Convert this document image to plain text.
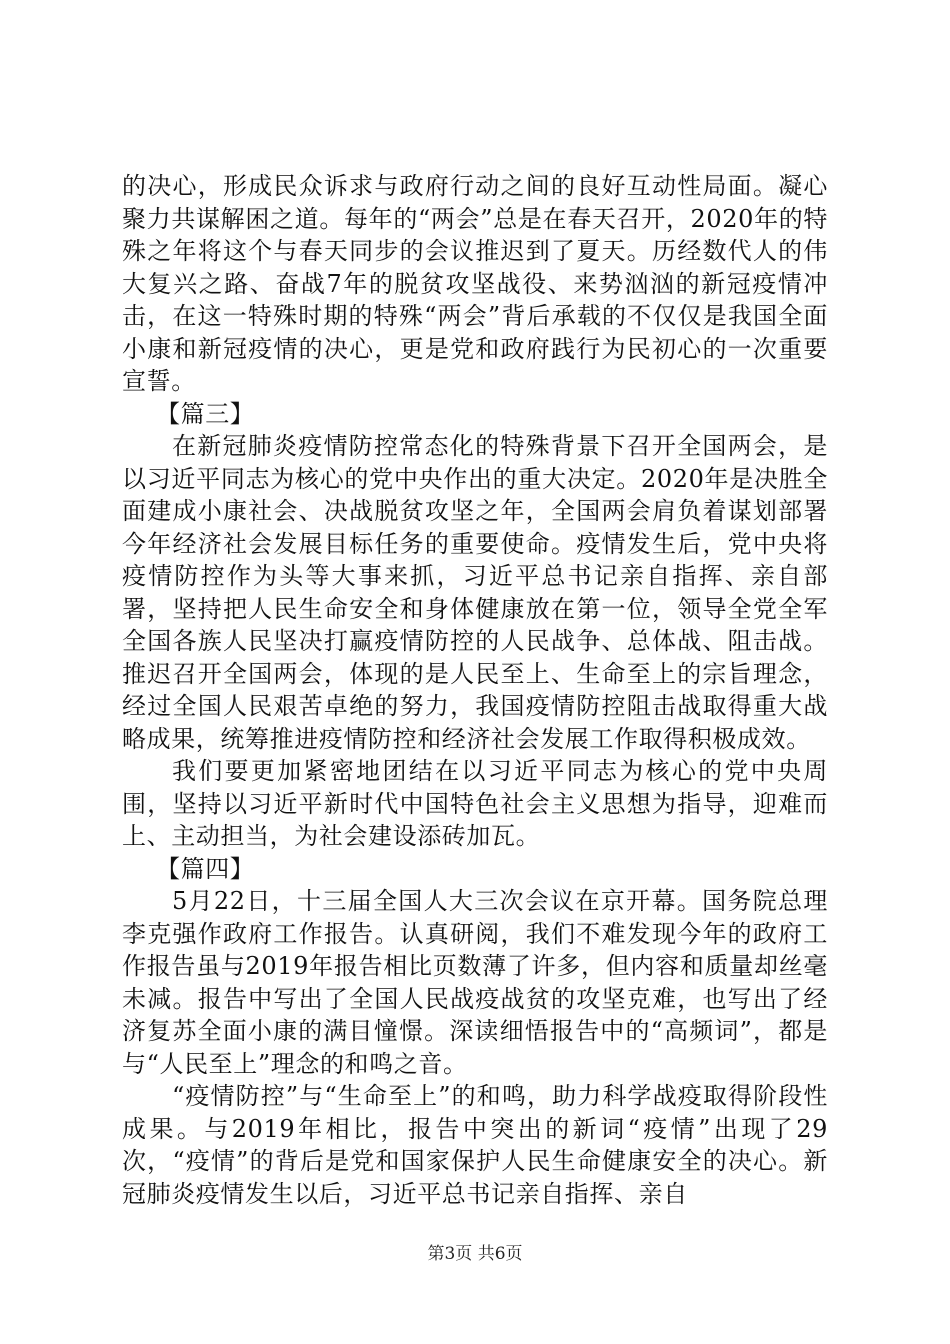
的决心，形成民众诉求与政府行动之间的良好互动性局面。凝心聚力共谋解困之道。每年的“两会”总是在春天召开，2020年的特殊之年将这个与春天同步的会议推迟到了夏天。历经数代人的伟大复兴之路、奋战7年的脱贫攻坚战役、来势汹汹的新冠疫情冲击，在这一特殊时期的特殊“两会”背后承载的不仅仅是我国全面小康和新冠疫情的决心，更是党和政府践行为民初心的一次重要宣誓。

【篇三】

在新冠肺炎疫情防控常态化的特殊背景下召开全国两会，是以习近平同志为核心的党中央作出的重大决定。2020年是决胜全面建成小康社会、决战脱贫攻坚之年，全国两会肩负着谋划部署今年经济社会发展目标任务的重要使命。疫情发生后，党中央将疫情防控作为头等大事来抓，习近平总书记亲自指挥、亲自部署，坚持把人民生命安全和身体健康放在第一位，领导全党全军全国各族人民坚决打赢疫情防控的人民战争、总体战、阻击战。推迟召开全国两会，体现的是人民至上、生命至上的宗旨理念，经过全国人民艰苦卓绝的努力，我国疫情防控阻击战取得重大战略成果，统筹推进疫情防控和经济社会发展工作取得积极成效。

我们要更加紧密地团结在以习近平同志为核心的党中央周围，坚持以习近平新时代中国特色社会主义思想为指导，迎难而上、主动担当，为社会建设添砖加瓦。

【篇四】

5月22日，十三届全国人大三次会议在京开幕。国务院总理李克强作政府工作报告。认真研阅，我们不难发现今年的政府工作报告虽与2019年报告相比页数薄了许多，但内容和质量却丝毫未减。报告中写出了全国人民战疫战贫的攻坚克难，也写出了经济复苏全面小康的满目憧憬。深读细悟报告中的“高频词”，都是与“人民至上”理念的和鸣之音。

“疫情防控”与“生命至上”的和鸣，助力科学战疫取得阶段性成果。与2019年相比，报告中突出的新词“疫情”出现了29次，“疫情”的背后是党和国家保护人民生命健康安全的决心。新冠肺炎疫情发生以后，习近平总书记亲自指挥、亲自

第3页 共6页
